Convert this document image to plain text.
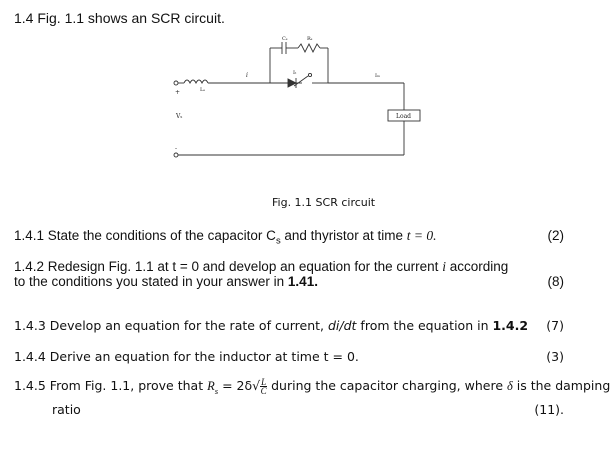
1.4 Fig. 1.1 shows an SCR circuit.
Cₛ	Rₛ
Lₛ
i	Iₜ	Iₘ
Vₛ	Load
+
-
Fig. 1.1 SCR circuit
1.4.1 State the conditions of the capacitor $C_s$ and thyristor at time t = 0.	(2)
1.4.2 Redesign Fig. 1.1 at t = 0 and develop an equation for the current i according
to the conditions you stated in your answer in 1.41.	(8)
1.4.3 Develop an equation for the rate of current, di/dt from the equation in 1.4.2	(7)
1.4.4 Derive an equation for the inductor at time t = 0.	(3)
1.4.5 From Fig. 1.1, prove that $R_s = 2\delta√ \frac{L}{C}$ during the capacitor charging, where δ is the damping
ratio	(11).
